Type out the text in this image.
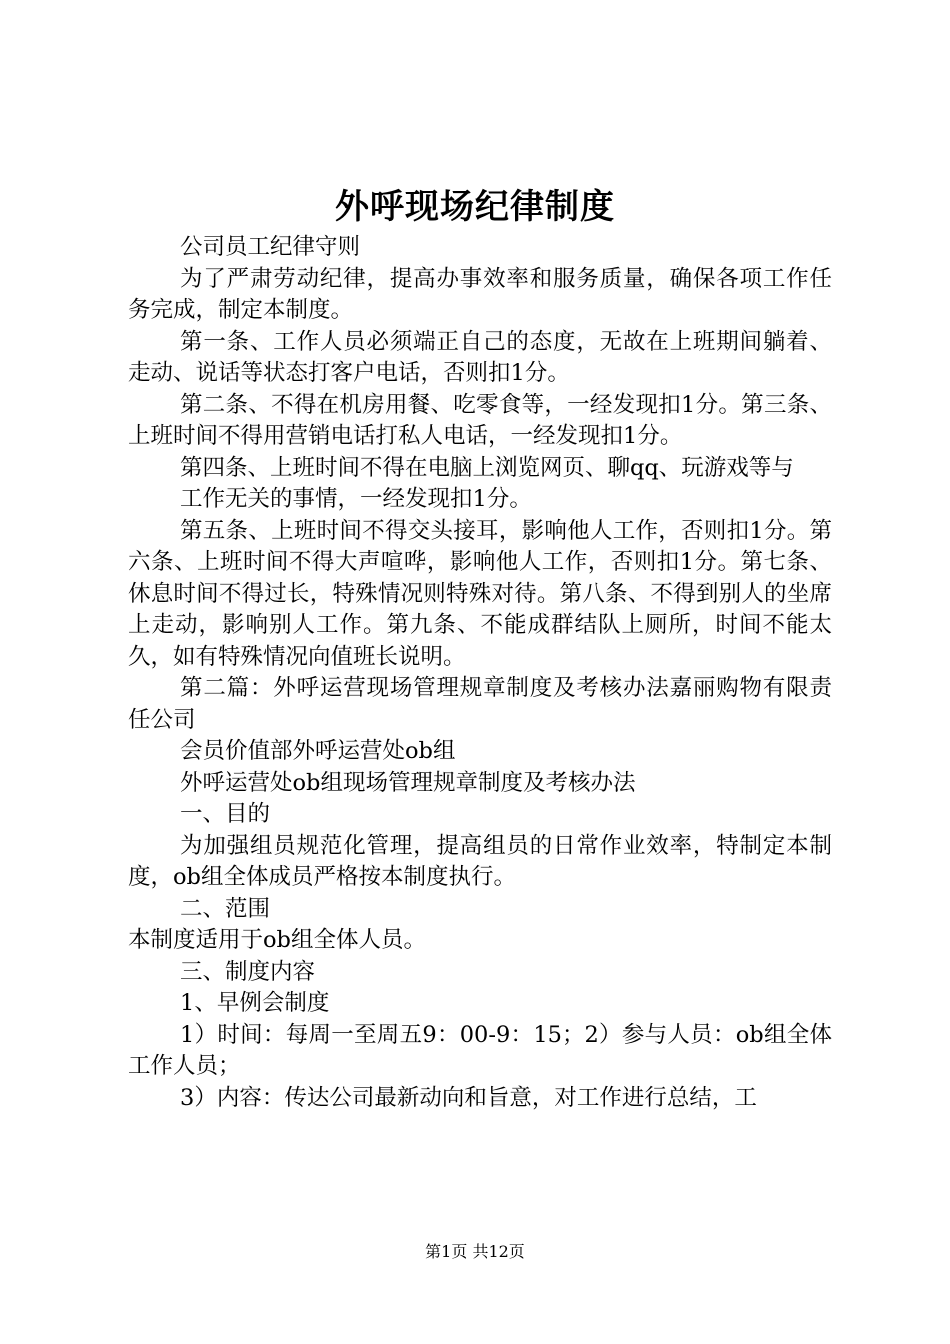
外呼现场纪律制度

公司员工纪律守则

为了严肃劳动纪律，提高办事效率和服务质量，确保各项工作任务完成，制定本制度。

第一条、工作人员必须端正自己的态度，无故在上班期间躺着、走动、说话等状态打客户电话，否则扣1分。

第二条、不得在机房用餐、吃零食等，一经发现扣1分。第三条、上班时间不得用营销电话打私人电话，一经发现扣1分。

第四条、上班时间不得在电脑上浏览网页、聊qq、玩游戏等与

工作无关的事情，一经发现扣1分。

第五条、上班时间不得交头接耳，影响他人工作，否则扣1分。第六条、上班时间不得大声喧哗，影响他人工作，否则扣1分。第七条、休息时间不得过长，特殊情况则特殊对待。第八条、不得到别人的坐席上走动，影响别人工作。第九条、不能成群结队上厕所，时间不能太久，如有特殊情况向值班长说明。

第二篇：外呼运营现场管理规章制度及考核办法嘉丽购物有限责任公司

会员价值部外呼运营处ob组

外呼运营处ob组现场管理规章制度及考核办法

一、目的

为加强组员规范化管理，提高组员的日常作业效率，特制定本制度，ob组全体成员严格按本制度执行。

二、范围

本制度适用于ob组全体人员。

三、制度内容

1、早例会制度

1）时间：每周一至周五9：00-9：15；2）参与人员：ob组全体工作人员；

3）内容：传达公司最新动向和旨意，对工作进行总结，工

第1页 共12页
